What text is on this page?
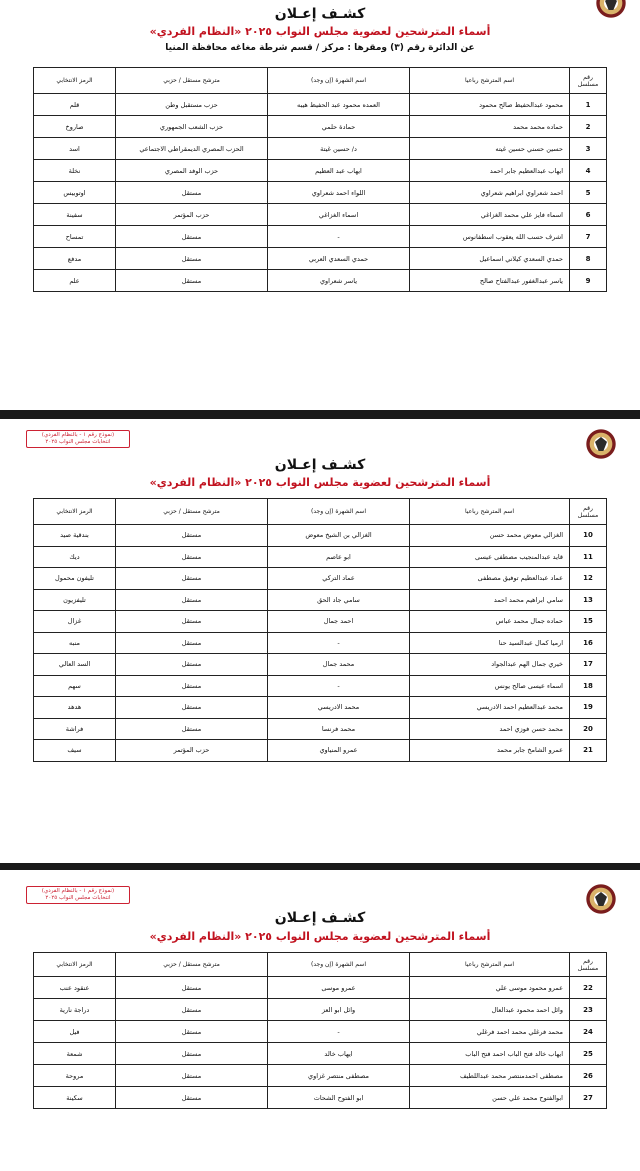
كشـف إعـلان
أسماء المترشحين لعضوية مجلس النواب ٢٠٢٥ «النظام الفردي»
عن الدائرة رقم (٣) ومقرها : مركز / قسم شرطة مغاغه محافظة المنيا
رقم مسلسل	اسم المترشح رباعيا	اسم الشهرة (إن وجد)	مترشح مستقل / حزبي	الرمز الانتخابي
1	محمود عبدالحفيظ صالح محمود	العمده محمود عبد الحفيظ هيبه	حزب مستقبل وطن	قلم
2	حماده محمد محمد	حمادة حلمي	حزب الشعب الجمهوري	صاروخ
3	حسين حسني حسين غيته	د/ حسين غيتة	الحزب المصري الديمقراطي الاجتماعي	اسد
4	ايهاب عبدالعظيم جابر احمد	ايهاب عبد العظيم	حزب الوفد المصري	نخلة
5	احمد شعراوي ابراهيم شعراوي	اللواء احمد شعراوي	مستقل	اوتوبيس
6	اسماء فايز علي محمد الغزاغي	اسماء الغزاغي	حزب المؤتمر	سفينة
7	اشرف حسب الله يعقوب اسطفانوس	-	مستقل	تمساح
8	حمدي السعدي كيلاني اسماعيل	حمدي السعدي العربي	مستقل	مدفع
9	ياسر عبدالغفور عبدالفتاح صالح	ياسر شعراوي	مستقل	علم
(نموذج رقم ١ - بالنظام الفردي)
انتخابات مجلس النواب ٢٠٢٥
كشـف إعـلان
أسماء المترشحين لعضوية مجلس النواب ٢٠٢٥ «النظام الفردي»
رقم مسلسل	اسم المترشح رباعيا	اسم الشهرة (إن وجد)	مترشح مستقل / حزبي	الرمز الانتخابي
10	الغزالي معوض محمد حسن	الغزالي بن الشيخ معوض	مستقل	بندقية صيد
11	قايد عبدالمنجيب مصطفى عيسى	ابو عاصم	مستقل	ديك
12	عماد عبدالعظيم توفيق مصطفى	عماد التركي	مستقل	تليفون محمول
13	سامي ابراهيم محمد احمد	سامي جاد الحق	مستقل	تليفزيون
15	حماده جمال محمد عباس	احمد جمال	مستقل	غزال
16	ارميا كمال عبدالسيد حنا	-	مستقل	منبه
17	خيري جمال الهم عبدالجواد	محمد جمال	مستقل	السد العالي
18	اسماء عيسى صالح يونس	-	مستقل	سهم
19	محمد عبدالعظيم احمد الادريسي	محمد الادريسي	مستقل	هدهد
20	محمد حسن فوزي احمد	محمد فرنسا	مستقل	فراشة
21	عمرو الشامخ جابر محمد	عمرو المنياوي	حزب المؤتمر	سيف
(نموذج رقم ١ - بالنظام الفردي)
انتخابات مجلس النواب ٢٠٢٥
كشـف إعـلان
أسماء المترشحين لعضوية مجلس النواب ٢٠٢٥ «النظام الفردي»
رقم مسلسل	اسم المترشح رباعيا	اسم الشهرة (إن وجد)	مترشح مستقل / حزبي	الرمز الانتخابي
22	عمرو محمود موسى علي	عمرو موسى	مستقل	عنقود عنب
23	وائل احمد محمود عبدالعال	وائل ابو العز	مستقل	دراجة نارية
24	محمد فرغلي محمد احمد فرغلي	-	مستقل	فيل
25	ايهاب خالد فتح الباب احمد فتح الباب	ايهاب خالد	مستقل	شمعة
26	مصطفى احمدمنتصر محمد عبداللطيف	مصطفى منتصر غزاوي	مستقل	مروحة
27	ابوالفتوح محمد علي حسن	ابو الفتوح الشحات	مستقل	سكينة
